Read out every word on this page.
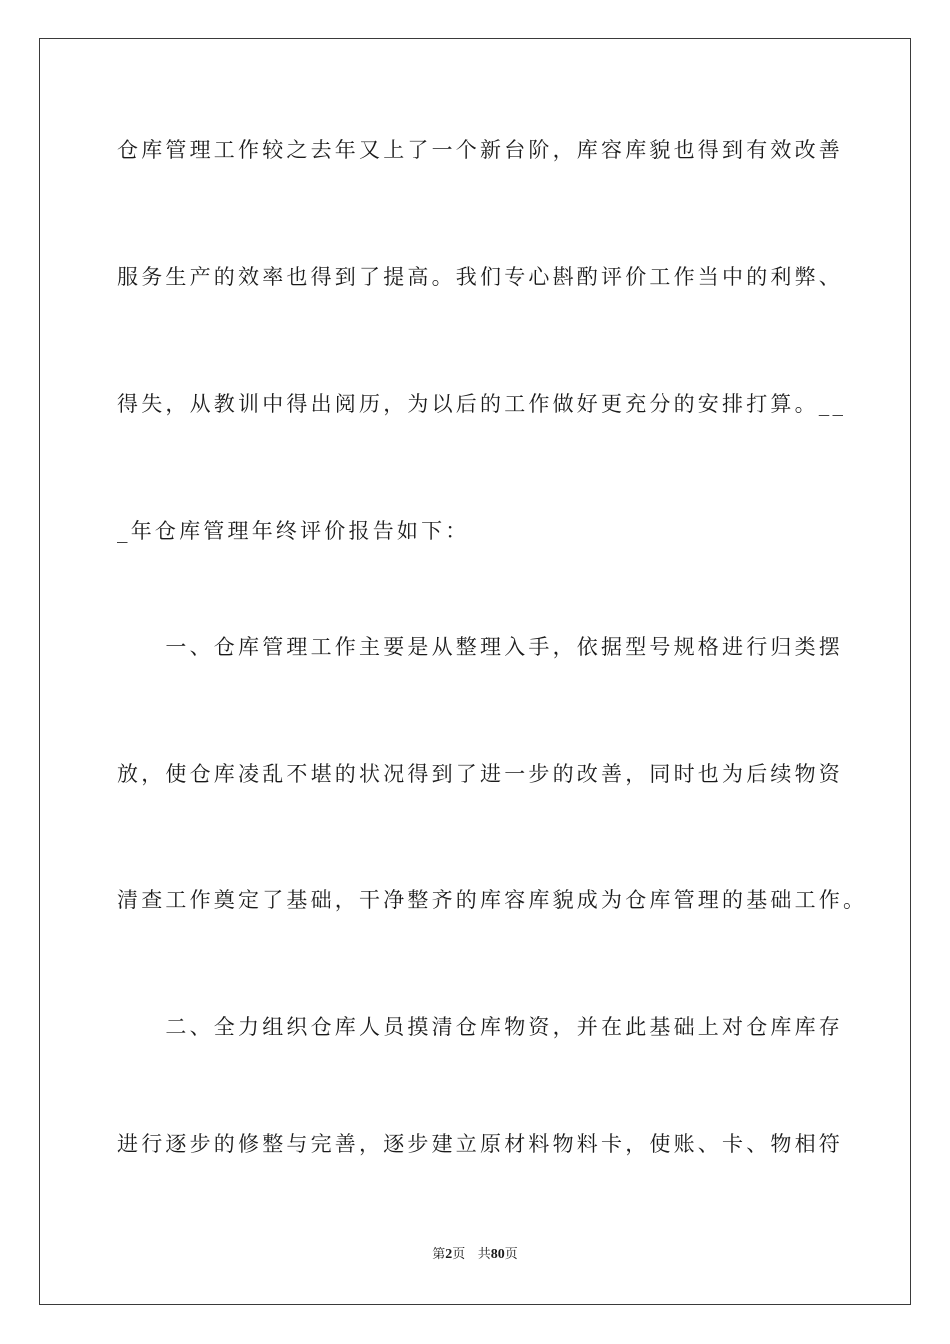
仓库管理工作较之去年又上了一个新台阶，库容库貌也得到有效改善
服务生产的效率也得到了提高。我们专心斟酌评价工作当中的利弊、
得失，从教训中得出阅历，为以后的工作做好更充分的安排打算。__
_年仓库管理年终评价报告如下：
　　一、仓库管理工作主要是从整理入手，依据型号规格进行归类摆
放，使仓库凌乱不堪的状况得到了进一步的改善，同时也为后续物资
清查工作奠定了基础，干净整齐的库容库貌成为仓库管理的基础工作。
　　二、全力组织仓库人员摸清仓库物资，并在此基础上对仓库库存
进行逐步的修整与完善，逐步建立原材料物料卡，使账、卡、物相符
第2页 共80页
